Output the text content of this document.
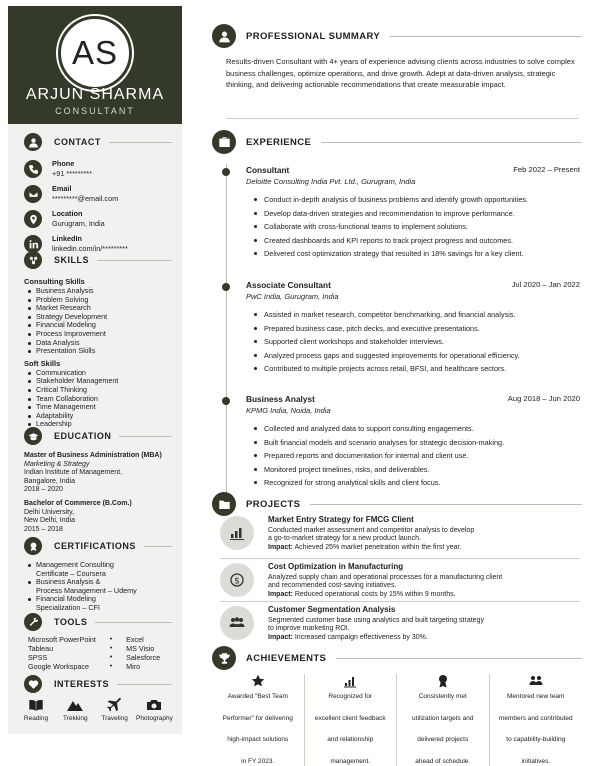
AS
ARJUN SHARMA
CONSULTANT
CONTACT
Phone
+91 *********
Email
*********@email.com
Location
Gurugram, India
LinkedIn
linkedin.com/in/*********
SKILLS
Consulting Skills
Business Analysis
Problem Solving
Market Research
Strategy Development
Financial Modeling
Process Improvement
Data Analysis
Presentation Skills
Soft Skills
Communication
Stakeholder Management
Critical Thinking
Team Collaboration
Time Management
Adaptability
Leadership
EDUCATION
Master of Business Administration (MBA)
Marketing & Strategy
Indian Institute of Management,
Bangalore, India
2018 – 2020
Bachelor of Commerce (B.Com.)
Delhi University,
New Delhi, India
2015 – 2018
CERTIFICATIONS
Management Consulting
Certificate – Coursera
Business Analysis &
Process Management – Udemy
Financial Modeling
Specialization – CFI
TOOLS
Microsoft PowerPoint	•	Excel
Tableau	•	MS Visio
SPSS	•	Salesforce
Google Workspace	•	Miro
INTERESTS
Reading	Trekking	Traveling	Photography
PROFESSIONAL SUMMARY

Results-driven Consultant with 4+ years of experience advising clients across industries to solve complex business challenges, optimize operations, and drive growth. Adept at data-driven analysis, strategic thinking, and delivering actionable recommendations that create measurable impact.

EXPERIENCE
Consultant	Feb 2022 – Present
Deloitte Consulting India Pvt. Ltd., Gurugram, India
Conduct in-depth analysis of business problems and identify growth opportunities.
Develop data-driven strategies and recommendation to improve performance.
Collaborate with cross-functional teams to implement solutions.
Created dashboards and KPI reports to track project progress and outcomes.
Delivered cost optimization strategy that resulted in 18% savings for a key client.
Associate Consultant	Jul 2020 – Jan 2022
PwC India, Gurugram, India
Assisted in market research, competitor benchmarking, and financial analysis.
Prepared business case, pitch decks, and executive presentations.
Supported client workshops and stakeholder interviews.
Analyzed process gaps and suggested improvements for operational efficiency.
Contributed to multiple projects across retail, BFSI, and healthcare sectors.
Business Analyst	Aug 2018 – Jun 2020
KPMG India, Noida, India
Collected and analyzed data to support consulting engagements.
Built financial models and scenario analyses for strategic decision-making.
Prepared reports and documentation for internal and client use.
Monitored project timelines, risks, and deliverables.
Recognized for strong analytical skills and client focus.
PROJECTS
Market Entry Strategy for FMCG Client
Conducted market assessment and competitor analysis to develop
a go-to-market strategy for a new product launch.
Impact: Achieved 25% market penetration within the first year.
$
Cost Optimization in Manufacturing
Analyzed supply chain and operational processes for a manufacturing client
and recommended cost-saving initiatives.
Impact: Reduced operational costs by 15% within 9 months.
Customer Segmentation Analysis
Segmented customer base using analytics and built targeting strategy
to improve marketing ROI.
Impact: Increased campaign effectiveness by 30%.
ACHIEVEMENTS
Awarded "Best Team

Performer" for delivering

high-impact solutions

in FY 2023.
Recognized for

excellent client feedback

and relationship

management.
Consistently met

utilization targets and

delivered projects

ahead of schedule.
Mentored new team

members and contributed

to capability-building

initiatives.
